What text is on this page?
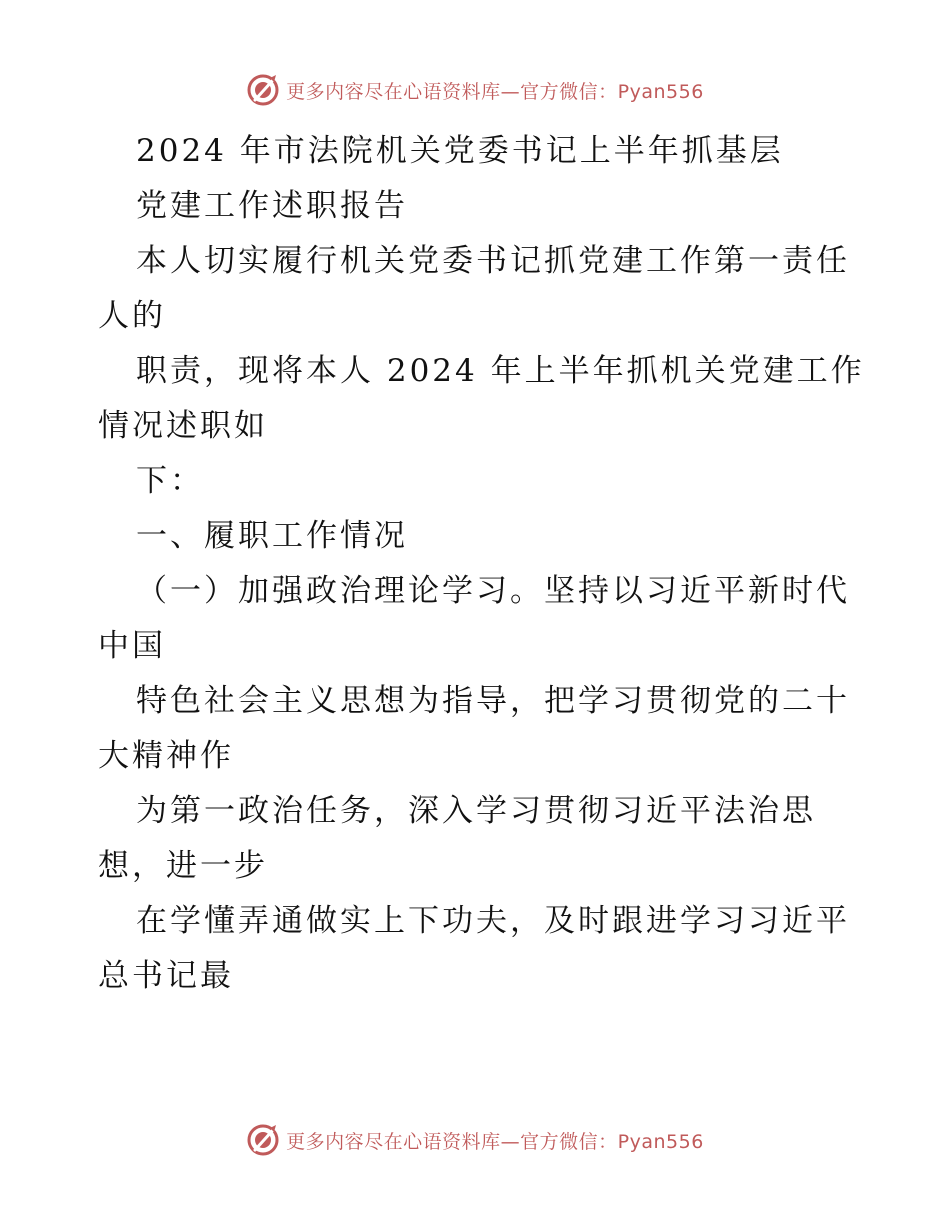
更多内容尽在心语资料库—官方微信：Pyan556
2024 年市法院机关党委书记上半年抓基层
党建工作述职报告
本人切实履行机关党委书记抓党建工作第一责任
人的
职责，现将本人 2024 年上半年抓机关党建工作
情况述职如
下：
一、履职工作情况
（一）加强政治理论学习。坚持以习近平新时代
中国
特色社会主义思想为指导，把学习贯彻党的二十
大精神作
为第一政治任务，深入学习贯彻习近平法治思
想，进一步
在学懂弄通做实上下功夫，及时跟进学习习近平
总书记最
更多内容尽在心语资料库—官方微信：Pyan556
